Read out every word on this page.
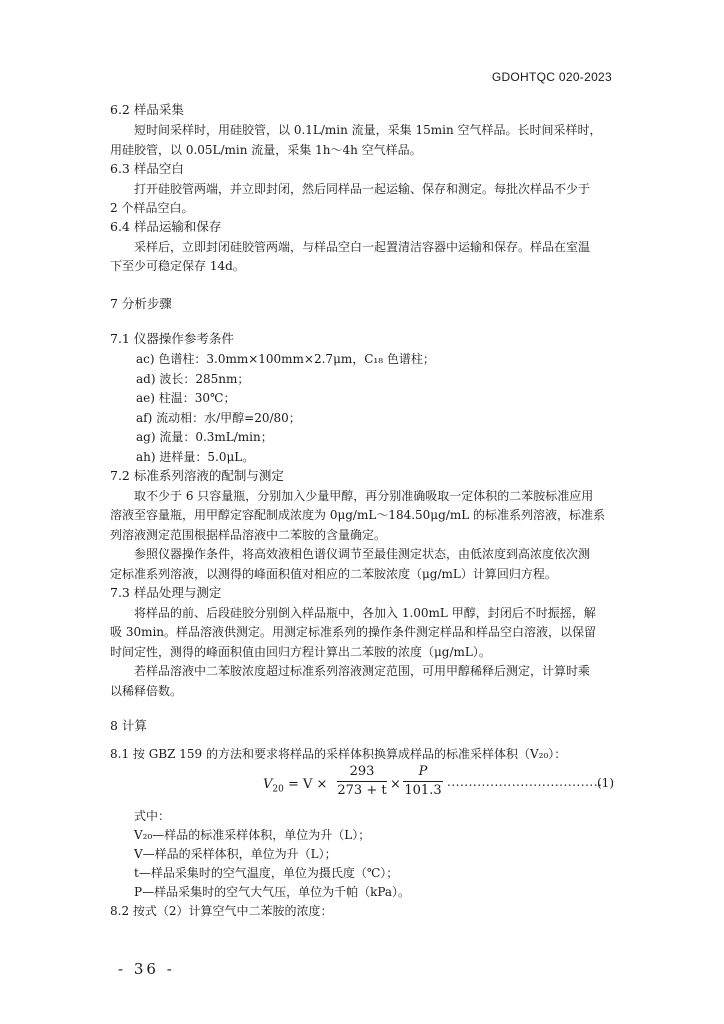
GDOHTQC 020-2023
6.2 样品采集
短时间采样时，用硅胶管，以 0.1L/min 流量，采集 15min 空气样品。长时间采样时，
用硅胶管，以 0.05L/min 流量，采集 1h～4h 空气样品。
6.3 样品空白
打开硅胶管两端，并立即封闭，然后同样品一起运输、保存和测定。每批次样品不少于
2 个样品空白。
6.4 样品运输和保存
采样后，立即封闭硅胶管两端，与样品空白一起置清洁容器中运输和保存。样品在室温
下至少可稳定保存 14d。
7 分析步骤
7.1 仪器操作参考条件
ac) 色谱柱：3.0mm×100mm×2.7μm，C₁₈ 色谱柱；
ad) 波长：285nm；
ae) 柱温：30℃；
af) 流动相：水/甲醇=20/80；
ag) 流量：0.3mL/min；
ah) 进样量：5.0μL。
7.2 标准系列溶液的配制与测定
取不少于 6 只容量瓶，分别加入少量甲醇，再分别准确吸取一定体积的二苯胺标准应用
溶液至容量瓶，用甲醇定容配制成浓度为 0μg/mL～184.50μg/mL 的标准系列溶液，标准系
列溶液测定范围根据样品溶液中二苯胺的含量确定。
参照仪器操作条件，将高效液相色谱仪调节至最佳测定状态，由低浓度到高浓度依次测
定标准系列溶液，以测得的峰面积值对相应的二苯胺浓度（μg/mL）计算回归方程。
7.3 样品处理与测定
将样品的前、后段硅胶分别倒入样品瓶中，各加入 1.00mL 甲醇，封闭后不时振摇，解
吸 30min。样品溶液供测定。用测定标准系列的操作条件测定样品和样品空白溶液，以保留
时间定性，测得的峰面积值由回归方程计算出二苯胺的浓度（μg/mL）。
若样品溶液中二苯胺浓度超过标准系列溶液测定范围，可用甲醇稀释后测定，计算时乘
以稀释倍数。
8 计算
8.1 按 GBZ 159 的方法和要求将样品的采样体积换算成样品的标准采样体积（V₂₀）：
$V_{20} = V$ ×
293
273 + t ×
P
101.3
....................................
(1)
式中：
V₂₀—样品的标准采样体积，单位为升（L）；
V—样品的采样体积，单位为升（L）；
t—样品采集时的空气温度，单位为摄氏度（℃）；
P—样品采集时的空气大气压，单位为千帕（kPa）。
8.2 按式（2）计算空气中二苯胺的浓度：
- 36 -
